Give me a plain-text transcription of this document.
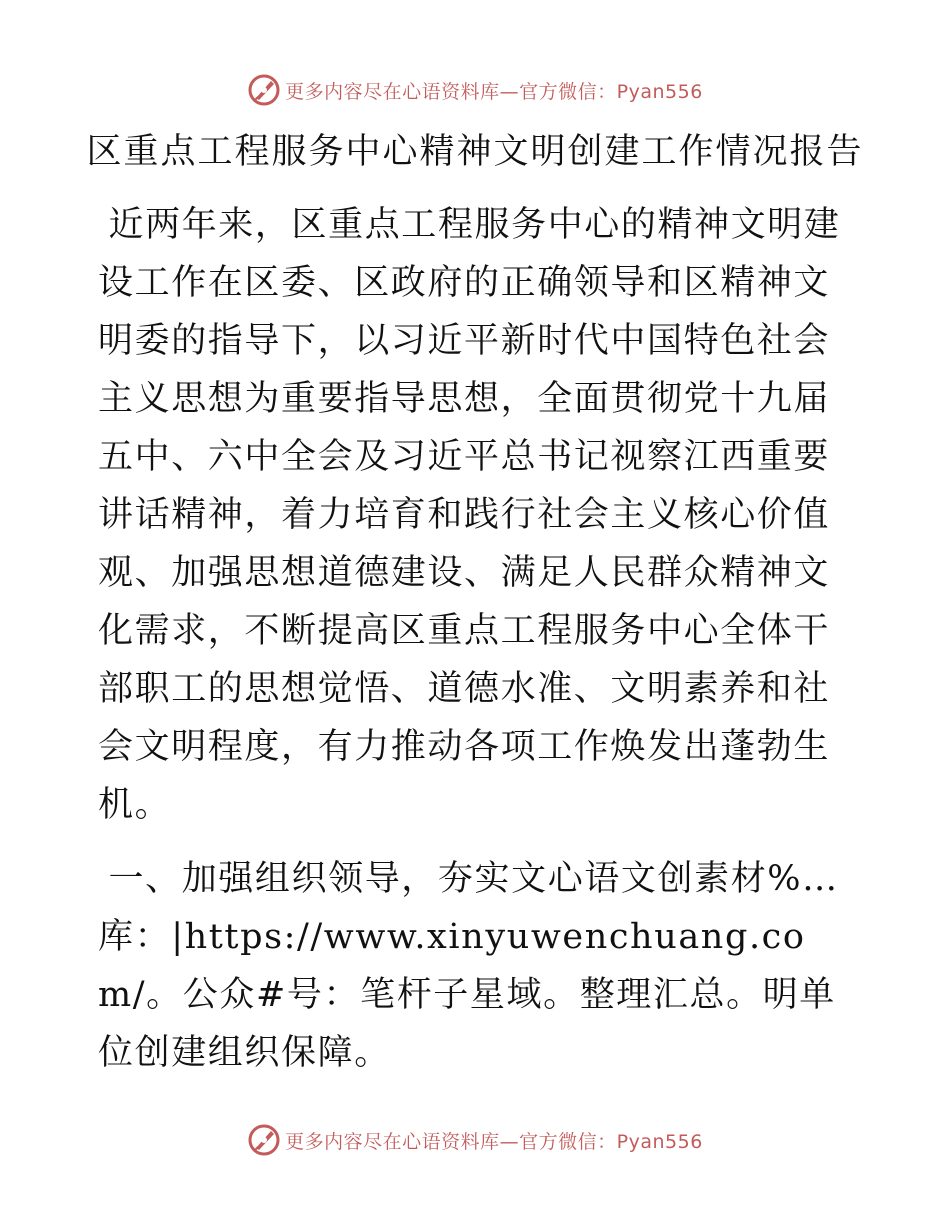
更多内容尽在心语资料库—官方微信：Pyan556
区重点工程服务中心精神文明创建工作情况报告

近两年来，区重点工程服务中心的精神文明建设工作在区委、区政府的正确领导和区精神文明委的指导下，以习近平新时代中国特色社会主义思想为重要指导思想，全面贯彻党十九届五中、六中全会及习近平总书记视察江西重要讲话精神，着力培育和践行社会主义核心价值观、加强思想道德建设、满足人民群众精神文化需求，不断提高区重点工程服务中心全体干部职工的思想觉悟、道德水准、文明素养和社会文明程度，有力推动各项工作焕发出蓬勃生机。

一、加强组织领导，夯实文心语文创素材%…库：|https://www.xinyuwenchuang.com/。公众#号：笔杆子星域。整理汇总。明单位创建组织保障。

更多内容尽在心语资料库—官方微信：Pyan556
